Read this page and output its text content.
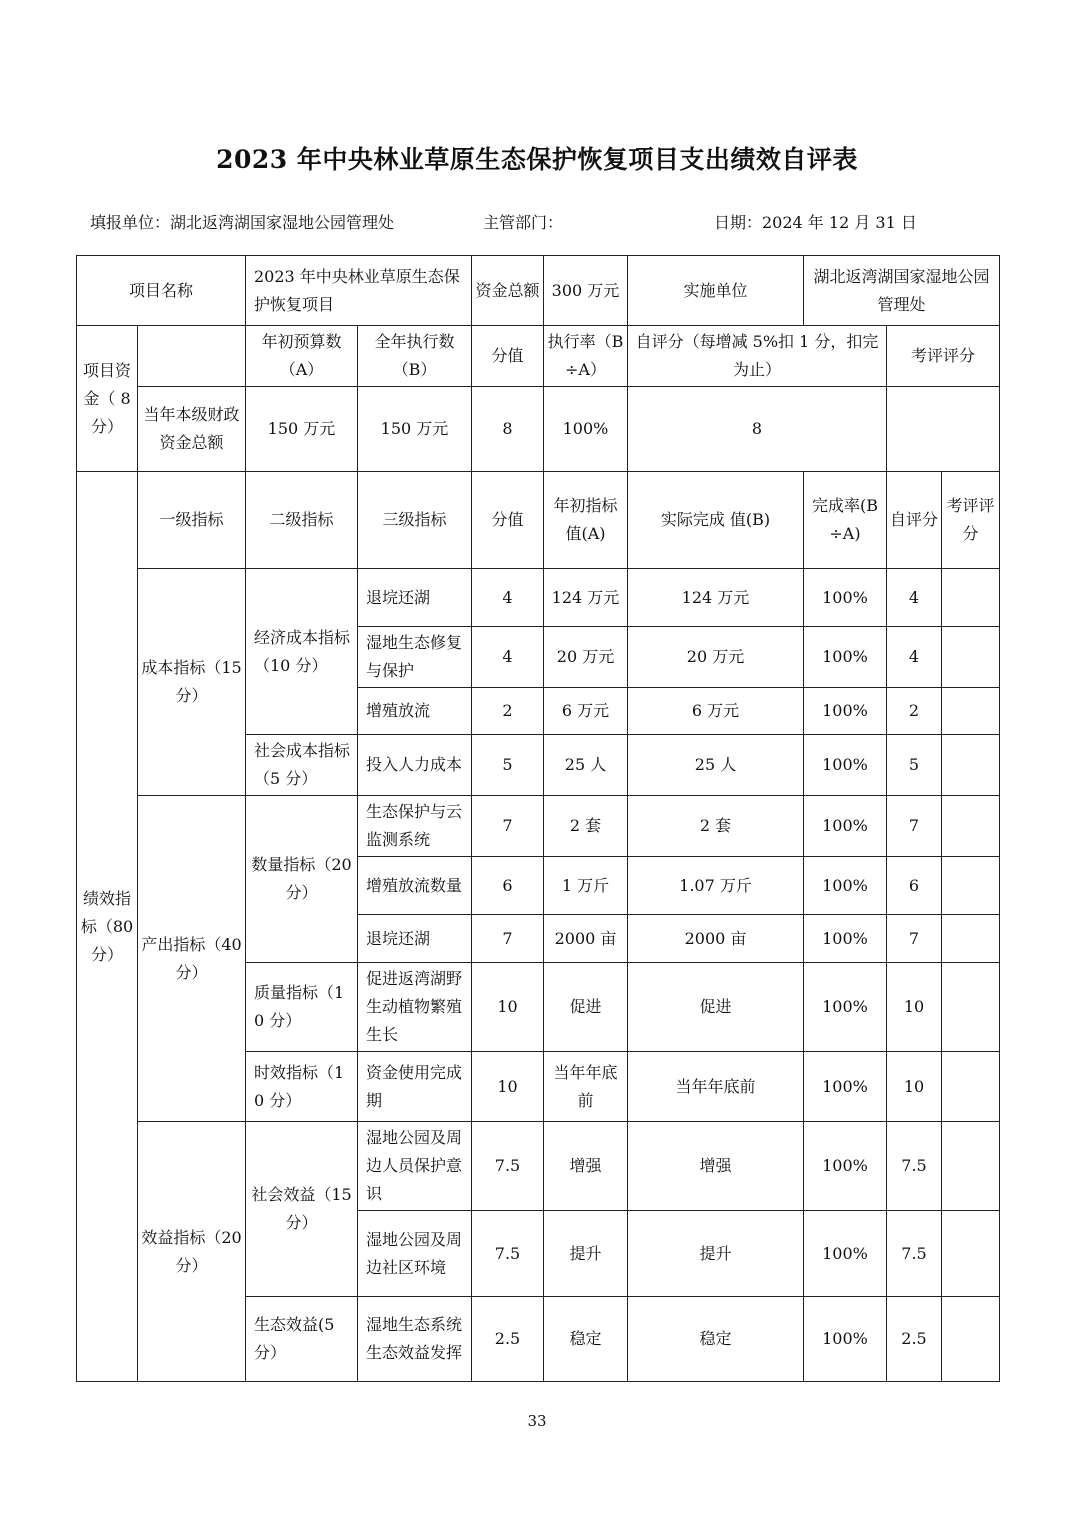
2023 年中央林业草原生态保护恢复项目支出绩效自评表
填报单位：湖北返湾湖国家湿地公园管理处	主管部门：	日期：2024 年 12 月 31 日
项目名称		2023 年中央林业草原生态保护恢复项目		资金总额	300 万元	实施单位	湖北返湾湖国家湿地公园管理处		
项目资金（ 8 分）		年初预算数（A）	全年执行数（B）	分值	执行率（B÷A）	自评分（每增减 5%扣 1 分，扣完为止）		考评评分	
	当年本级财政资金总额	150 万元	150 万元	8	100%	8			
绩效指标（80 分）	一级指标	二级指标	三级指标	分值	年初指标值(A)	实际完成 值(B)	完成率(B÷A)	自评分	考评评分
	成本指标（15 分）	经济成本指标（10 分）	退垸还湖	4	124 万元	124 万元	100%	4	
			湿地生态修复与保护	4	20 万元	20 万元	100%	4	
			增殖放流	2	6 万元	6 万元	100%	2	
		社会成本指标（5 分）	投入人力成本	5	25 人	25 人	100%	5	
	产出指标（40 分）	数量指标（20 分）	生态保护与云监测系统	7	2 套	2 套	100%	7	
			增殖放流数量	6	1 万斤	1.07 万斤	100%	6	
			退垸还湖	7	2000 亩	2000 亩	100%	7	
		质量指标（10 分）	促进返湾湖野生动植物繁殖生长	10	促进	促进	100%	10	
		时效指标（10 分）	资金使用完成期	10	当年年底前	当年年底前	100%	10	
	效益指标（20 分）	社会效益（15 分）	湿地公园及周边人员保护意识	7.5	增强	增强	100%	7.5	
			湿地公园及周边社区环境	7.5	提升	提升	100%	7.5	
		生态效益(5 分）	湿地生态系统生态效益发挥	2.5	稳定	稳定	100%	2.5	
33
